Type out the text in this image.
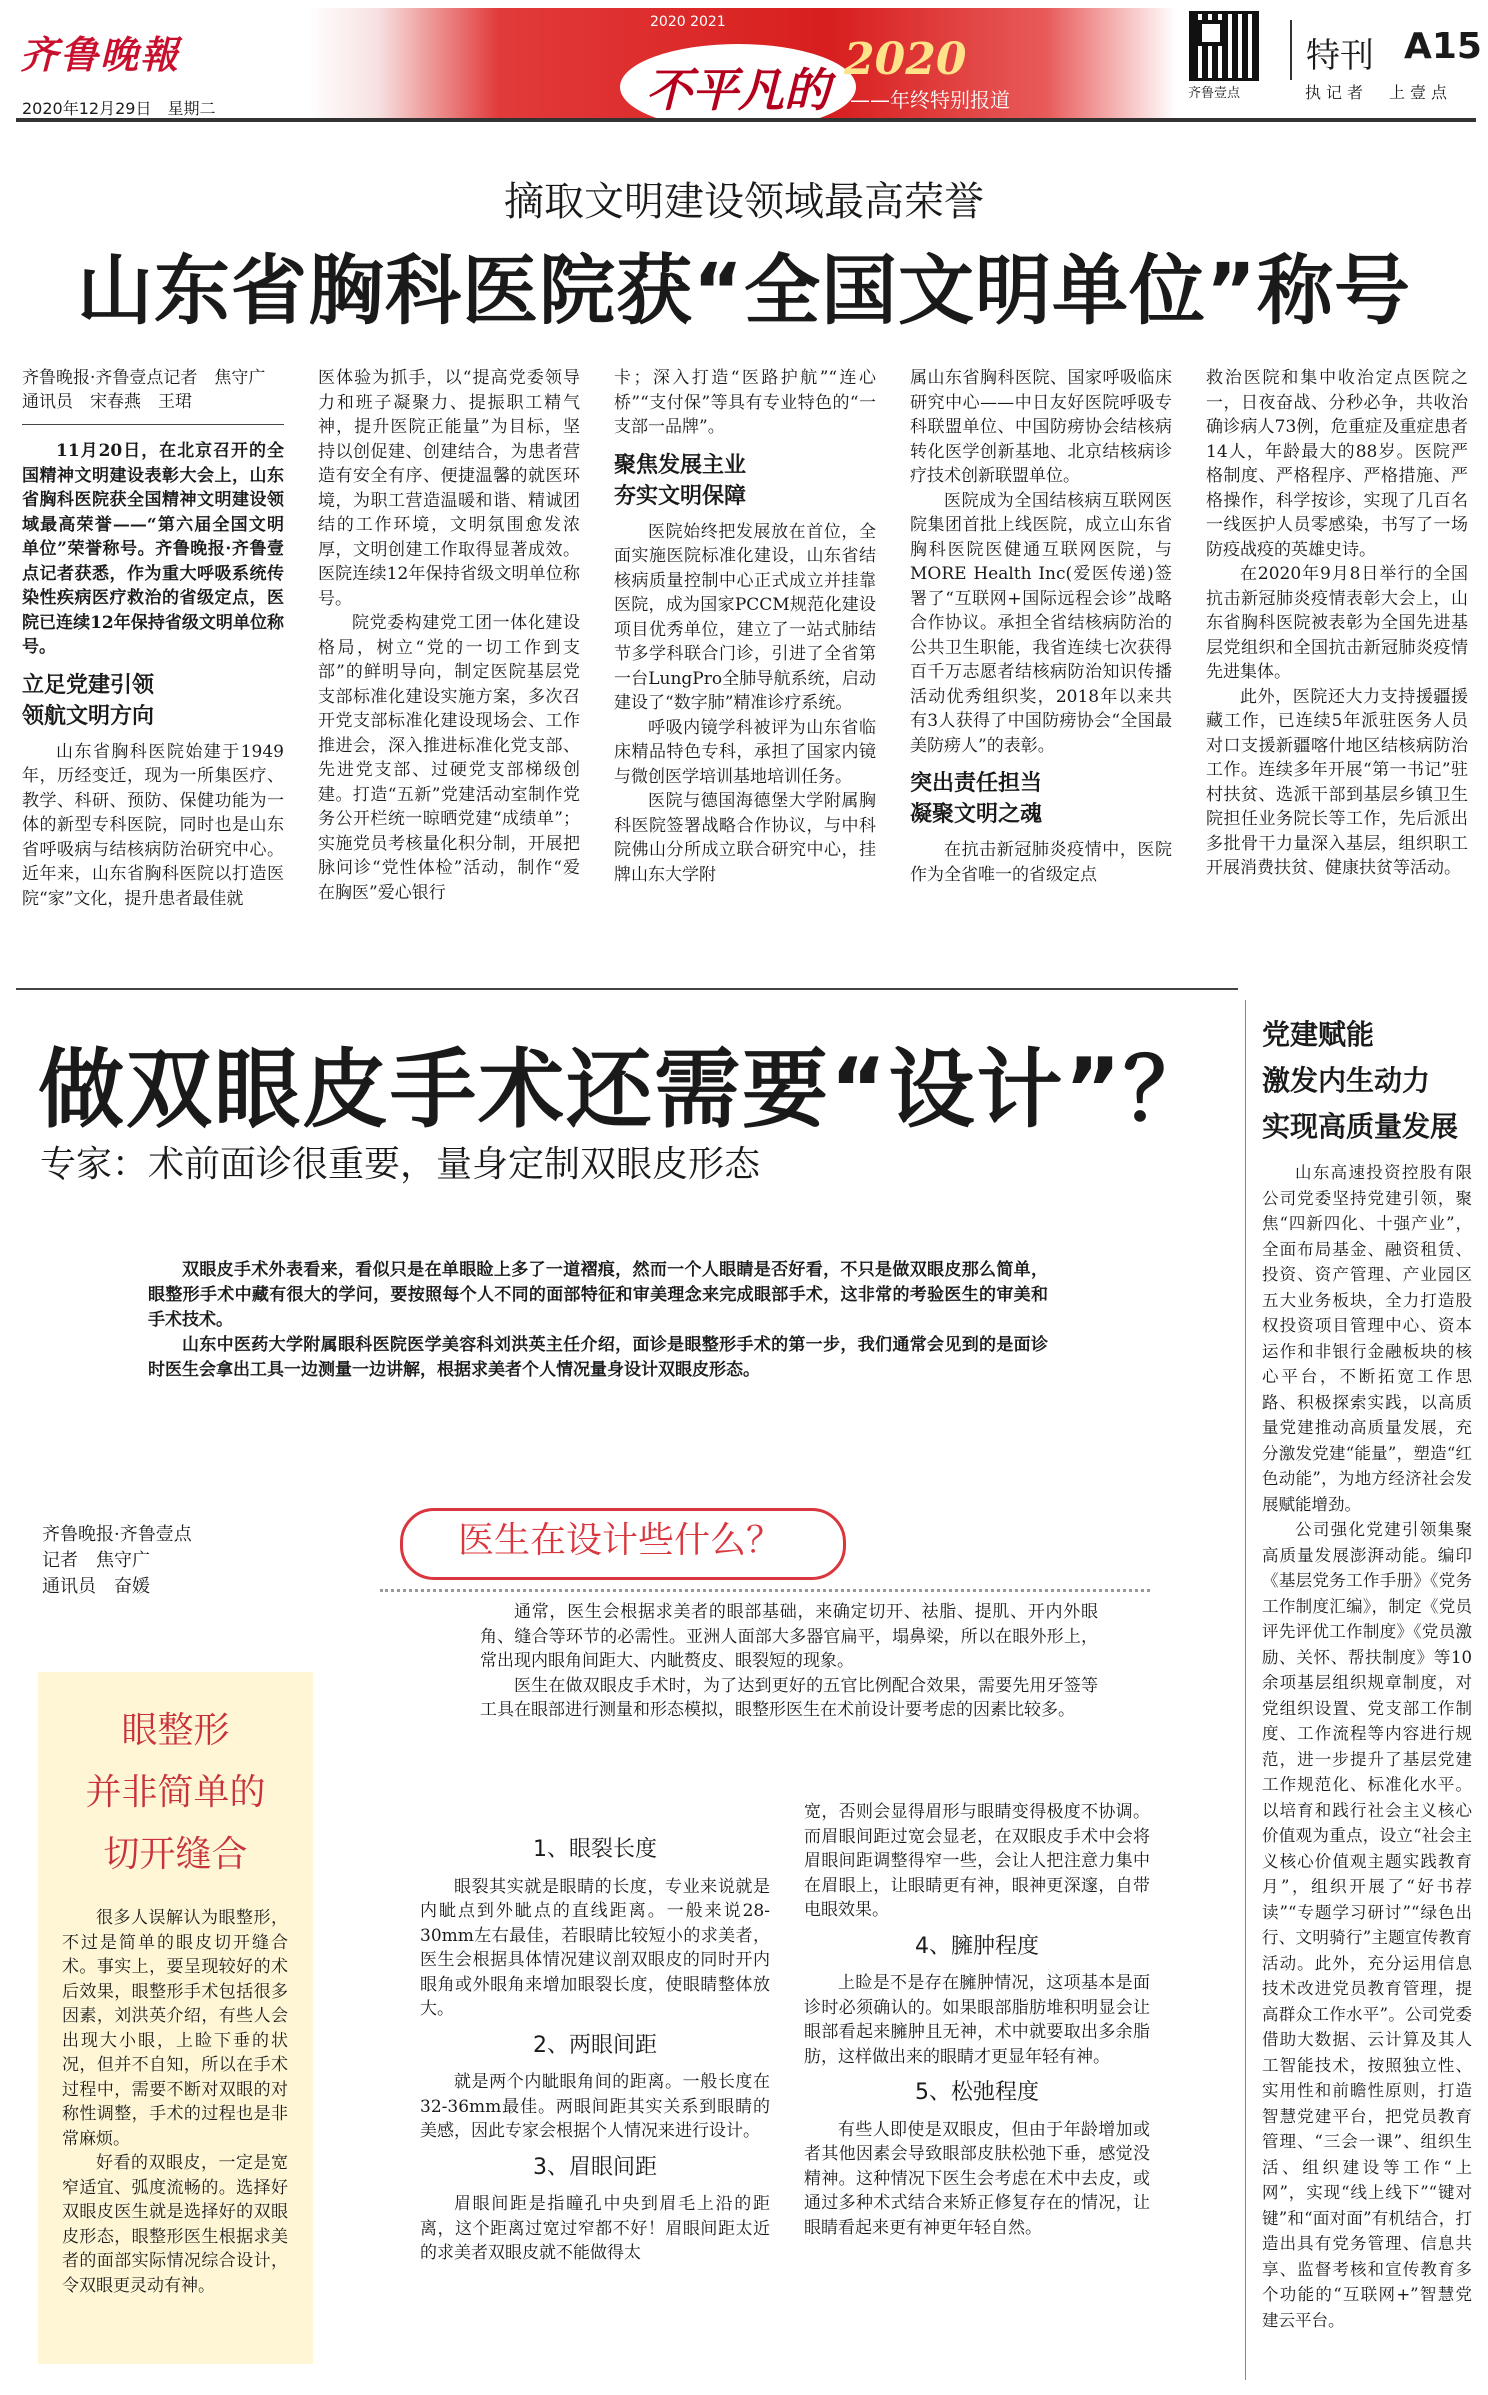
齐鲁晚報
2020年12月29日　星期二
2020 2021
不平凡的
2020
——年终特别报道	齐鲁壹点
特刊 A15
执记者　上壹点
摘取文明建设领域最高荣誉
山东省胸科医院获“全国文明单位”称号
齐鲁晚报·齐鲁壹点记者　焦守广
通讯员　宋春燕　王珺

11月20日，在北京召开的全国精神文明建设表彰大会上，山东省胸科医院获全国精神文明建设领域最高荣誉——“第六届全国文明单位”荣誉称号。齐鲁晚报·齐鲁壹点记者获悉，作为重大呼吸系统传染性疾病医疗救治的省级定点，医院已连续12年保持省级文明单位称号。

立足党建引领
领航文明方向

山东省胸科医院始建于1949年，历经变迁，现为一所集医疗、教学、科研、预防、保健功能为一体的新型专科医院，同时也是山东省呼吸病与结核病防治研究中心。近年来，山东省胸科医院以打造医院“家”文化，提升患者最佳就

医体验为抓手，以“提高党委领导力和班子凝聚力、提振职工精气神，提升医院正能量”为目标，坚持以创促建、创建结合，为患者营造有安全有序、便捷温馨的就医环境，为职工营造温暖和谐、精诚团结的工作环境，文明氛围愈发浓厚，文明创建工作取得显著成效。医院连续12年保持省级文明单位称号。

院党委构建党工团一体化建设格局，树立“党的一切工作到支部”的鲜明导向，制定医院基层党支部标准化建设实施方案，多次召开党支部标准化建设现场会、工作推进会，深入推进标准化党支部、先进党支部、过硬党支部梯级创建。打造“五新”党建活动室制作党务公开栏统一晾晒党建“成绩单”；实施党员考核量化积分制，开展把脉问诊“党性体检”活动，制作“爱在胸医”爱心银行

卡；深入打造“医路护航”“连心桥”“支付保”等具有专业特色的“一支部一品牌”。

聚焦发展主业
夯实文明保障

医院始终把发展放在首位，全面实施医院标准化建设，山东省结核病质量控制中心正式成立并挂靠医院，成为国家PCCM规范化建设项目优秀单位，建立了一站式肺结节多学科联合门诊，引进了全省第一台LungPro全肺导航系统，启动建设了“数字肺”精准诊疗系统。

呼吸内镜学科被评为山东省临床精品特色专科，承担了国家内镜与微创医学培训基地培训任务。

医院与德国海德堡大学附属胸科医院签署战略合作协议，与中科院佛山分所成立联合研究中心，挂牌山东大学附

属山东省胸科医院、国家呼吸临床研究中心——中日友好医院呼吸专科联盟单位、中国防痨协会结核病转化医学创新基地、北京结核病诊疗技术创新联盟单位。

医院成为全国结核病互联网医院集团首批上线医院，成立山东省胸科医院医健通互联网医院，与MORE Health Inc(爱医传递)签署了“互联网+国际远程会诊”战略合作协议。承担全省结核病防治的公共卫生职能，我省连续七次获得百千万志愿者结核病防治知识传播活动优秀组织奖，2018年以来共有3人获得了中国防痨协会“全国最美防痨人”的表彰。

突出责任担当
凝聚文明之魂

在抗击新冠肺炎疫情中，医院作为全省唯一的省级定点

救治医院和集中收治定点医院之一，日夜奋战、分秒必争，共收治确诊病人73例，危重症及重症患者14人，年龄最大的88岁。医院严格制度、严格程序、严格措施、严格操作，科学按诊，实现了几百名一线医护人员零感染，书写了一场防疫战疫的英雄史诗。

在2020年9月8日举行的全国抗击新冠肺炎疫情表彰大会上，山东省胸科医院被表彰为全国先进基层党组织和全国抗击新冠肺炎疫情先进集体。

此外，医院还大力支持援疆援藏工作，已连续5年派驻医务人员对口支援新疆喀什地区结核病防治工作。连续多年开展“第一书记”驻村扶贫、选派干部到基层乡镇卫生院担任业务院长等工作，先后派出多批骨干力量深入基层，组织职工开展消费扶贫、健康扶贫等活动。

做双眼皮手术还需要“设计”？
专家：术前面诊很重要，量身定制双眼皮形态

双眼皮手术外表看来，看似只是在单眼睑上多了一道褶痕，然而一个人眼睛是否好看，不只是做双眼皮那么简单，眼整形手术中藏有很大的学问，要按照每个人不同的面部特征和审美理念来完成眼部手术，这非常的考验医生的审美和手术技术。

山东中医药大学附属眼科医院医学美容科刘洪英主任介绍，面诊是眼整形手术的第一步，我们通常会见到的是面诊时医生会拿出工具一边测量一边讲解，根据求美者个人情况量身设计双眼皮形态。

齐鲁晚报·齐鲁壹点
记者　焦守广
通讯员　奋媛
医生在设计些什么？
眼整形
并非简单的
切开缝合

很多人误解认为眼整形，不过是简单的眼皮切开缝合术。事实上，要呈现较好的术后效果，眼整形手术包括很多因素，刘洪英介绍，有些人会出现大小眼，上睑下垂的状况，但并不自知，所以在手术过程中，需要不断对双眼的对称性调整，手术的过程也是非常麻烦。

好看的双眼皮，一定是宽窄适宜、弧度流畅的。选择好双眼皮医生就是选择好的双眼皮形态，眼整形医生根据求美者的面部实际情况综合设计，令双眼更灵动有神。

通常，医生会根据求美者的眼部基础，来确定切开、祛脂、提肌、开内外眼角、缝合等环节的必需性。亚洲人面部大多器官扁平，塌鼻梁，所以在眼外形上，常出现内眼角间距大、内眦赘皮、眼裂短的现象。

医生在做双眼皮手术时，为了达到更好的五官比例配合效果，需要先用牙签等工具在眼部进行测量和形态模拟，眼整形医生在术前设计要考虑的因素比较多。

1、眼裂长度

眼裂其实就是眼睛的长度，专业来说就是内眦点到外眦点的直线距离。一般来说28-30mm左右最佳，若眼睛比较短小的求美者，医生会根据具体情况建议剖双眼皮的同时开内眼角或外眼角来增加眼裂长度，使眼睛整体放大。

2、两眼间距

就是两个内眦眼角间的距离。一般长度在32-36mm最佳。两眼间距其实关系到眼睛的美感，因此专家会根据个人情况来进行设计。

3、眉眼间距

眉眼间距是指瞳孔中央到眉毛上沿的距离，这个距离过宽过窄都不好！眉眼间距太近的求美者双眼皮就不能做得太

宽，否则会显得眉形与眼睛变得极度不协调。而眉眼间距过宽会显老，在双眼皮手术中会将眉眼间距调整得窄一些，会让人把注意力集中在眉眼上，让眼睛更有神，眼神更深邃，自带电眼效果。

4、臃肿程度

上睑是不是存在臃肿情况，这项基本是面诊时必须确认的。如果眼部脂肪堆积明显会让眼部看起来臃肿且无神，术中就要取出多余脂肪，这样做出来的眼睛才更显年轻有神。

5、松弛程度

有些人即使是双眼皮，但由于年龄增加或者其他因素会导致眼部皮肤松弛下垂，感觉没精神。这种情况下医生会考虑在术中去皮，或通过多种术式结合来矫正修复存在的情况，让眼睛看起来更有神更年轻自然。

党建赋能
激发内生动力
实现高质量发展

山东高速投资控股有限公司党委坚持党建引领，聚焦“四新四化、十强产业”，全面布局基金、融资租赁、投资、资产管理、产业园区五大业务板块，全力打造股权投资项目管理中心、资本运作和非银行金融板块的核心平台，不断拓宽工作思路、积极探索实践，以高质量党建推动高质量发展，充分激发党建“能量”，塑造“红色动能”，为地方经济社会发展赋能增劲。

公司强化党建引领集聚高质量发展澎湃动能。编印《基层党务工作手册》《党务工作制度汇编》，制定《党员评先评优工作制度》《党员激励、关怀、帮扶制度》等10余项基层组织规章制度，对党组织设置、党支部工作制度、工作流程等内容进行规范，进一步提升了基层党建工作规范化、标准化水平。以培育和践行社会主义核心价值观为重点，设立“社会主义核心价值观主题实践教育月”，组织开展了“好书荐读”“专题学习研讨”“绿色出行、文明骑行”主题宣传教育活动。此外，充分运用信息技术改进党员教育管理，提高群众工作水平”。公司党委借助大数据、云计算及其人工智能技术，按照独立性、实用性和前瞻性原则，打造智慧党建平台，把党员教育管理、“三会一课”、组织生活、组织建设等工作“上网”，实现“线上线下”“键对键”和“面对面”有机结合，打造出具有党务管理、信息共享、监督考核和宣传教育多个功能的“互联网+”智慧党建云平台。
